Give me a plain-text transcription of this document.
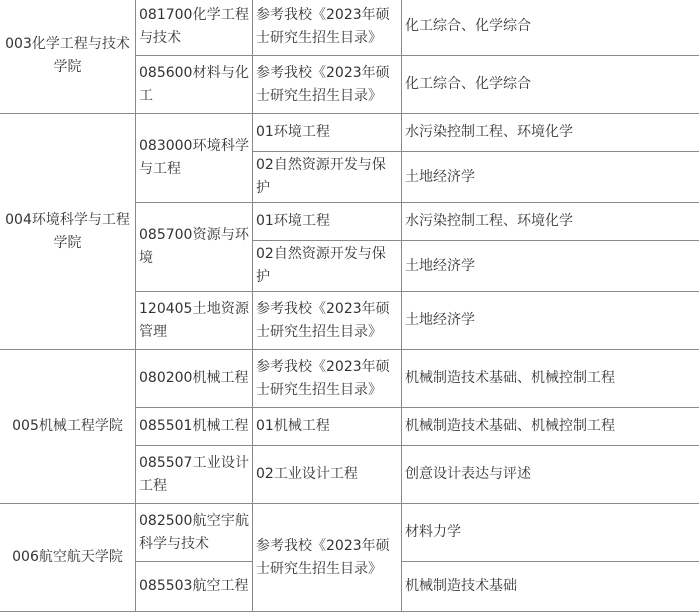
003化学工程与技术学院	081700化学工程与技术	参考我校《2023年硕士研究生招生目录》	化工综合、化学综合
	085600材料与化工	参考我校《2023年硕士研究生招生目录》	化工综合、化学综合
004环境科学与工程学院	083000环境科学与工程	01环境工程	水污染控制工程、环境化学
		02自然资源开发与保护	土地经济学
	085700资源与环境	01环境工程	水污染控制工程、环境化学
		02自然资源开发与保护	土地经济学
	120405土地资源管理	参考我校《2023年硕士研究生招生目录》	土地经济学
005机械工程学院	080200机械工程	参考我校《2023年硕士研究生招生目录》	机械制造技术基础、机械控制工程
	085501机械工程	01机械工程	机械制造技术基础、机械控制工程
	085507工业设计工程	02工业设计工程	创意设计表达与评述
006航空航天学院	082500航空宇航科学与技术	参考我校《2023年硕士研究生招生目录》	材料力学
	085503航空工程		机械制造技术基础
